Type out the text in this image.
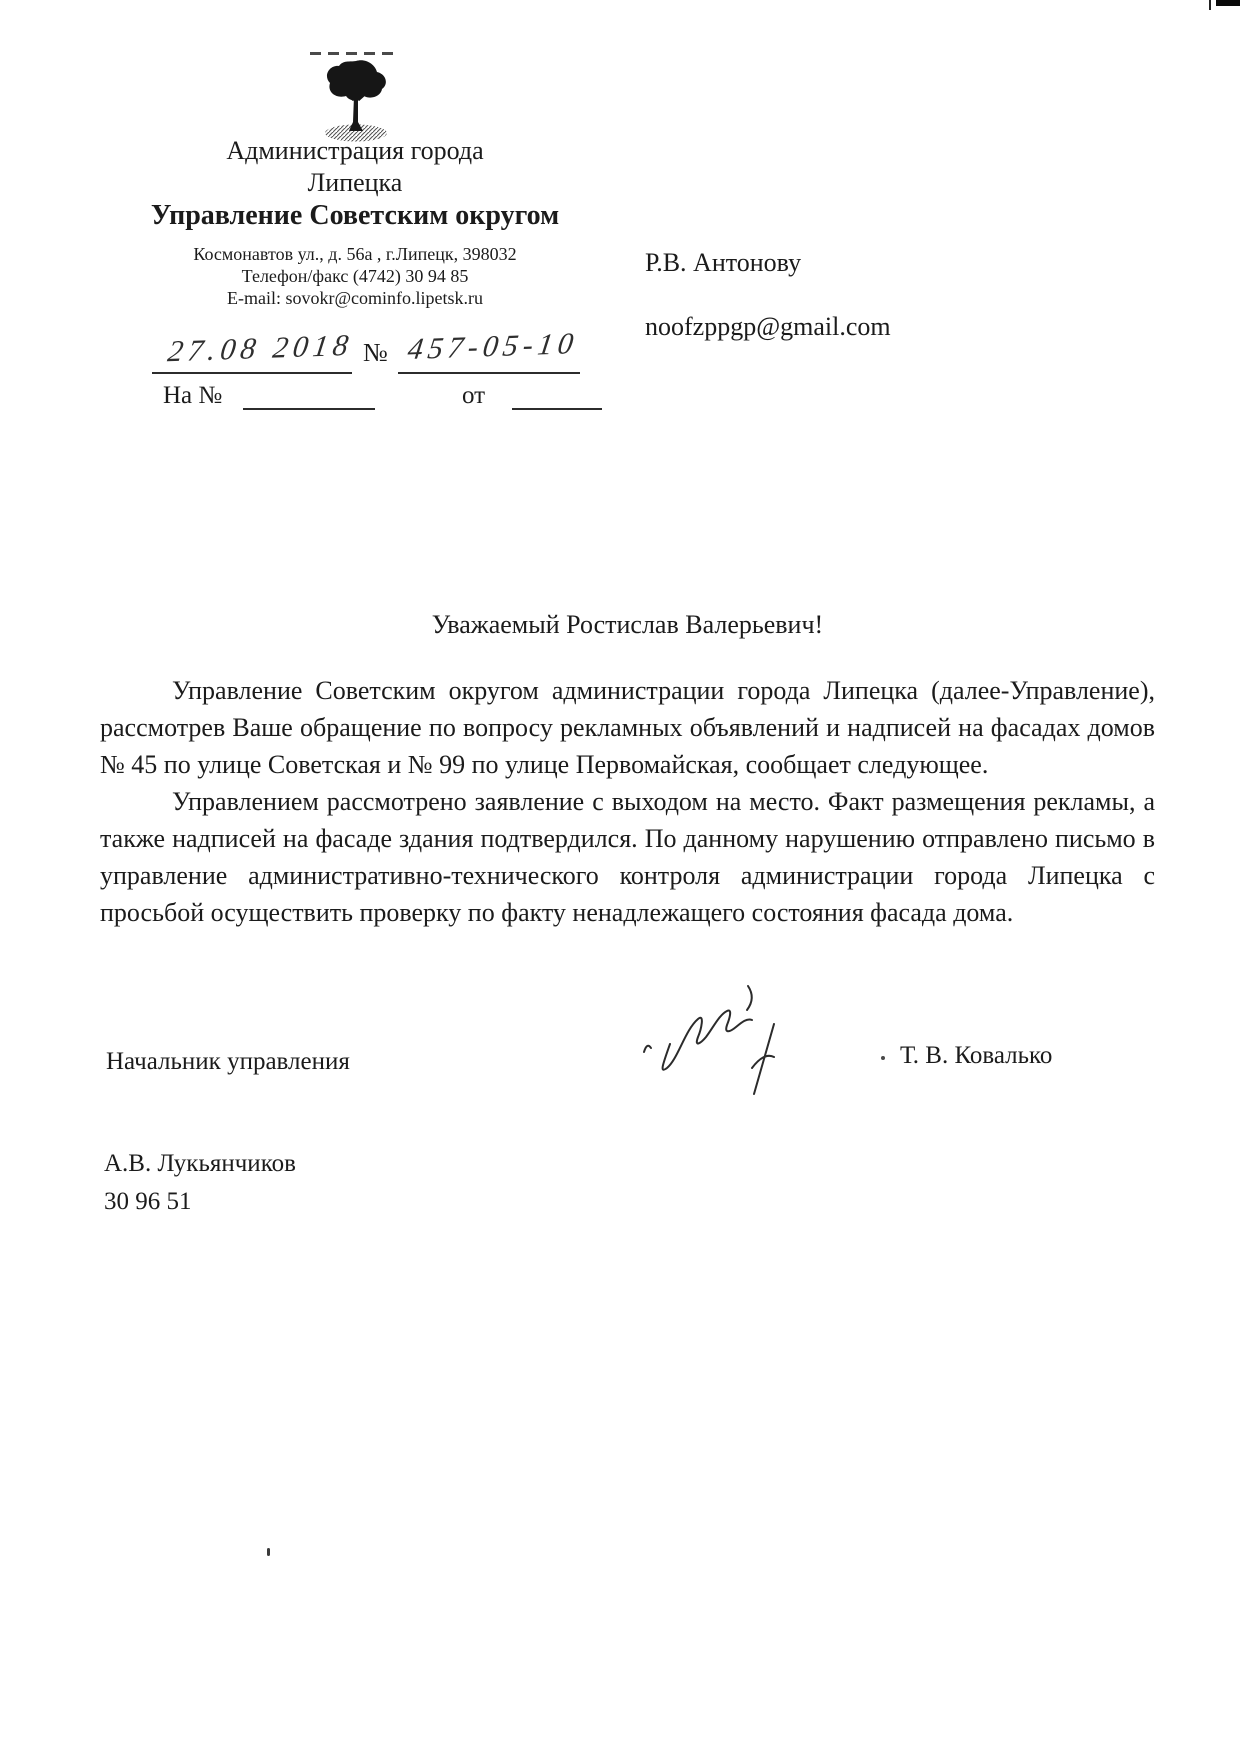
Администрация города
Липецка
Управление Советским округом
Космонавтов ул., д. 56а , г.Липецк, 398032
Телефон/факс (4742) 30 94 85
E-mail: sovokr@cominfo.lipetsk.ru
27.08 2018 № 457-05-10
На №	от
Р.В. Антонову
noofzppgp@gmail.com
Уважаемый Ростислав Валерьевич!

Управление Советским округом администрации города Липецка (далее-Управление), рассмотрев Ваше обращение по вопросу рекламных объявлений и надписей на фасадах домов № 45 по улице Советская и № 99 по улице Первомайская, сообщает следующее.

Управлением рассмотрено заявление с выходом на место. Факт размещения рекламы, а также надписей на фасаде здания подтвердился. По данному нарушению отправлено письмо в управление административно-технического контроля администрации города Липецка с просьбой осуществить проверку по факту ненадлежащего состояния фасада дома.

Начальник управления	Т. В. Ковалько
А.В. Лукьянчиков
30 96 51
